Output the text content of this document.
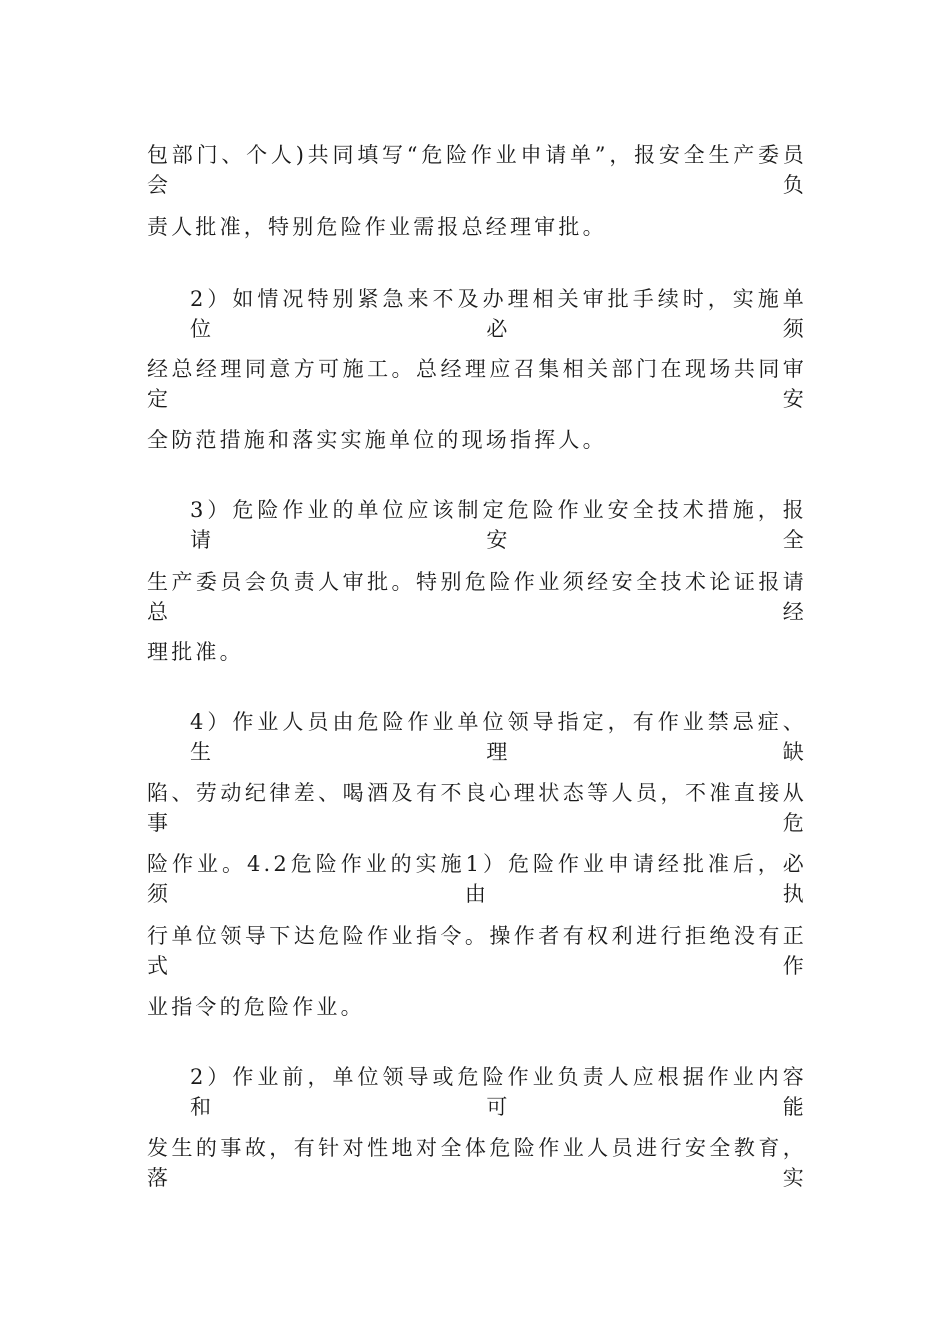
包部门、个人)共同填写“危险作业申请单”，报安全生产委员会负
责人批准，特别危险作业需报总经理审批。
2）如情况特别紧急来不及办理相关审批手续时，实施单位必须
经总经理同意方可施工。总经理应召集相关部门在现场共同审定安
全防范措施和落实实施单位的现场指挥人。
3）危险作业的单位应该制定危险作业安全技术措施，报请安全
生产委员会负责人审批。特别危险作业须经安全技术论证报请总经
理批准。
4）作业人员由危险作业单位领导指定，有作业禁忌症、生理缺
陷、劳动纪律差、喝酒及有不良心理状态等人员，不准直接从事危
险作业。4.2危险作业的实施1）危险作业申请经批准后，必须由执
行单位领导下达危险作业指令。操作者有权利进行拒绝没有正式作
业指令的危险作业。
2）作业前，单位领导或危险作业负责人应根据作业内容和可能
发生的事故，有针对性地对全体危险作业人员进行安全教育，落实
